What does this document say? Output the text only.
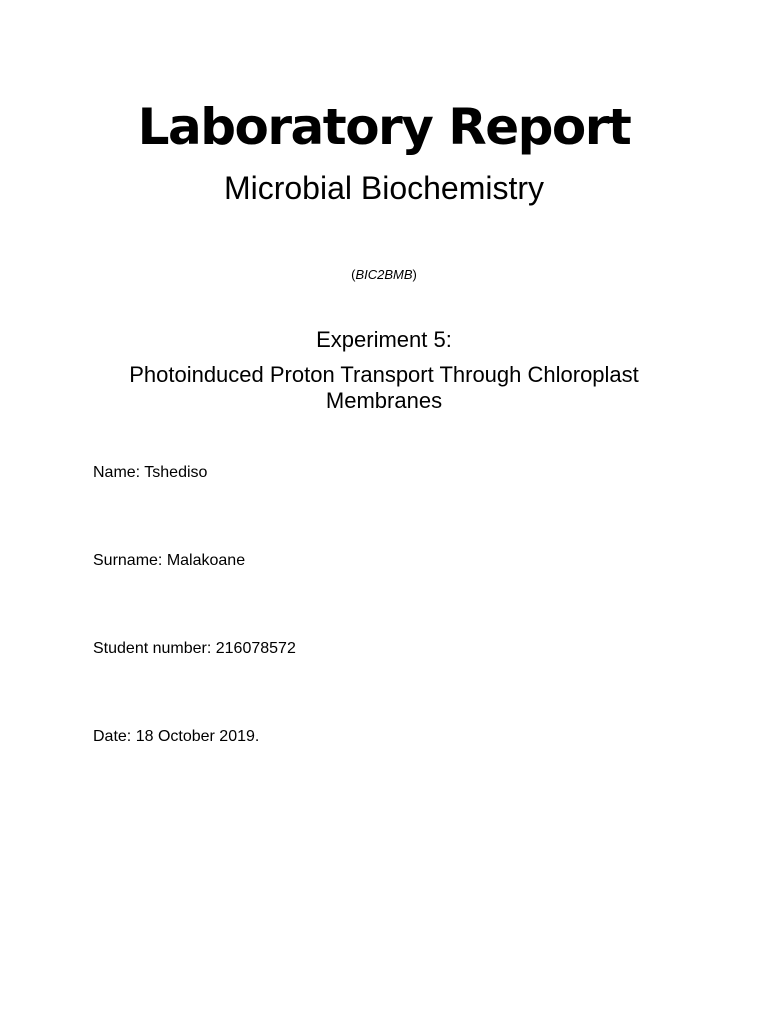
Laboratory Report
Microbial Biochemistry
(BIC2BMB)
Experiment 5:
Photoinduced Proton Transport Through Chloroplast Membranes
Name: Tshediso
Surname: Malakoane
Student number: 216078572
Date: 18 October 2019.
